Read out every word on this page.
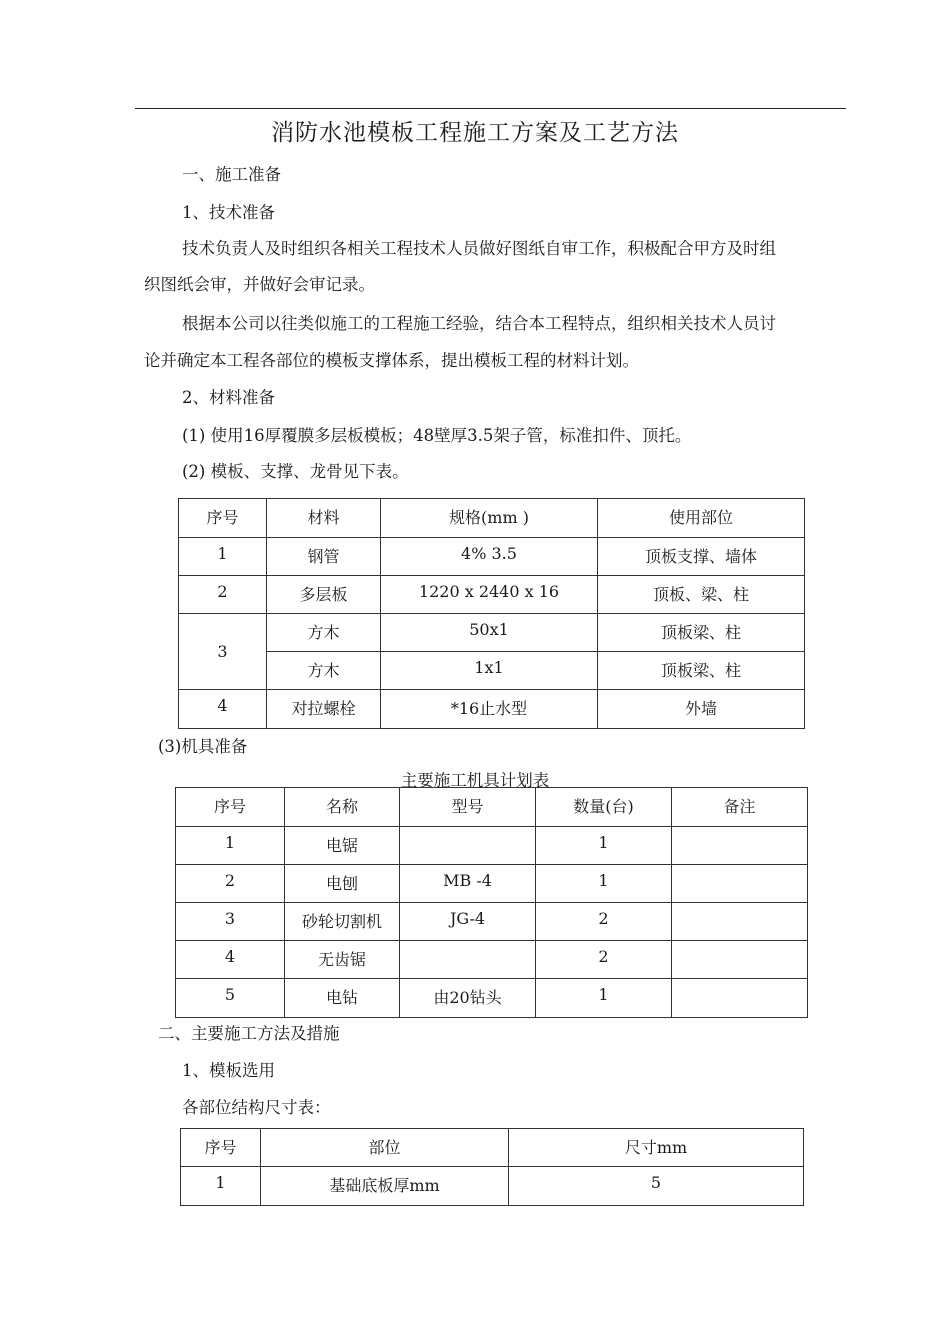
消防水池模板工程施工方案及工艺方法
一、施工准备
1、技术准备
技术负责人及时组织各相关工程技术人员做好图纸自审工作，积极配合甲方及时组
织图纸会审，并做好会审记录。
根据本公司以往类似施工的工程施工经验，结合本工程特点，组织相关技术人员讨
论并确定本工程各部位的模板支撑体系，提出模板工程的材料计划。
2、材料准备
(1) 使用16厚覆膜多层板模板；48壁厚3.5架子管，标准扣件、顶托。
(2) 模板、支撑、龙骨见下表。
序号	材料	规格(mm )	使用部位
1	钢管	4% 3.5	顶板支撑、墙体
2	多层板	1220 x 2440 x 16	顶板、梁、柱
3	方木	50x1	顶板梁、柱
	方木	1x1	顶板梁、柱
4	对拉螺栓	*16止水型	外墙
(3)机具准备
主要施工机具计划表
序号	名称	型号	数量(台)	备注
1	电锯		1	
2	电刨	MB -4	1	
3	砂轮切割机	JG-4	2	
4	无齿锯		2	
5	电钻	由20钻头	1	
二、主要施工方法及措施
1、模板选用
各部位结构尺寸表：
序号	部位	尺寸mm
1	基础底板厚mm	5
